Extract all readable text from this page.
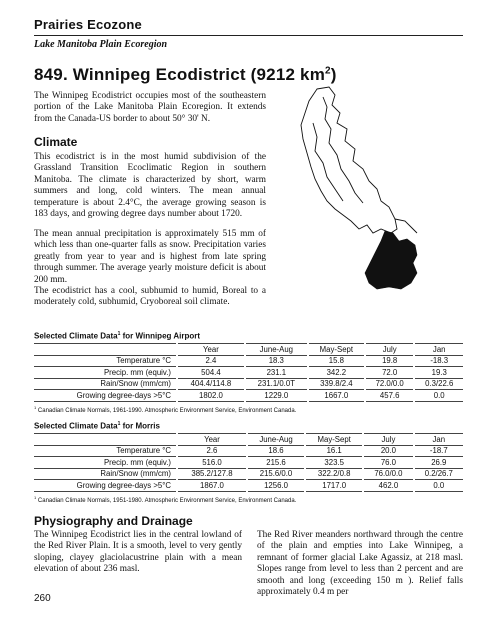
Prairies Ecozone
Lake Manitoba Plain Ecoregion
849. Winnipeg Ecodistrict (9212 $km^2$)

The Winnipeg Ecodistrict occupies most of the southeastern portion of the Lake Manitoba Plain Ecoregion. It extends from the Canada-US border to about 50° 30' N.

Climate

This ecodistrict is in the most humid subdivision of the Grassland Transition Ecoclimatic Region in southern Manitoba. The climate is characterized by short, warm summers and long, cold winters. The mean annual temperature is about 2.4°C, the average growing season is 183 days, and growing degree days number about 1720.

The mean annual precipitation is approximately 515 mm of which less than one-quarter falls as snow. Precipitation varies greatly from year to year and is highest from late spring through summer. The average yearly moisture deficit is about 200 mm.

The ecodistrict has a cool, subhumid to humid, Boreal to a moderately cold, subhumid, Cryoboreal soil climate.

Selected Climate Data$^1$ for Winnipeg Airport
		Year		June-Aug		May-Sept		July		Jan
Temperature °C		2.4		18.3		15.8		19.8		-18.3
Precip. mm (equiv.)		504.4		231.1		342.2		72.0		19.3
Rain/Snow (mm/cm)		404.4/114.8		231.1/0.0T		339.8/2.4		72.0/0.0		0.3/22.6
Growing degree-days >5°C		1802.0		1229.0		1667.0		457.6		0.0
$^1$ Canadian Climate Normals, 1961-1990. Atmospheric Environment Service, Environment Canada.
Selected Climate Data$^1$ for Morris
		Year		June-Aug		May-Sept		July		Jan
Temperature °C		2.6		18.6		16.1		20.0		-18.7
Precip. mm (equiv.)		516.0		215.6		323.5		76.0		26.9
Rain/Snow (mm/cm)		385.2/127.8		215.6/0.0		322.2/0.8		76.0/0.0		0.2/26.7
Growing degree-days >5°C		1867.0		1256.0		1717.0		462.0		0.0
$^1$ Canadian Climate Normals, 1951-1980. Atmospheric Environment Service, Environment Canada.
Physiography and Drainage

The Winnipeg Ecodistrict lies in the central lowland of the Red River Plain. It is a smooth, level to very gently sloping, clayey glaciolacustrine plain with a mean elevation of about 236 masl.

The Red River meanders northward through the centre of the plain and empties into Lake Winnipeg, a remnant of former glacial Lake Agassiz, at 218 masl. Slopes range from level to less than 2 percent and are smooth and long (exceeding 150 m ). Relief falls approximately 0.4 m per

260
